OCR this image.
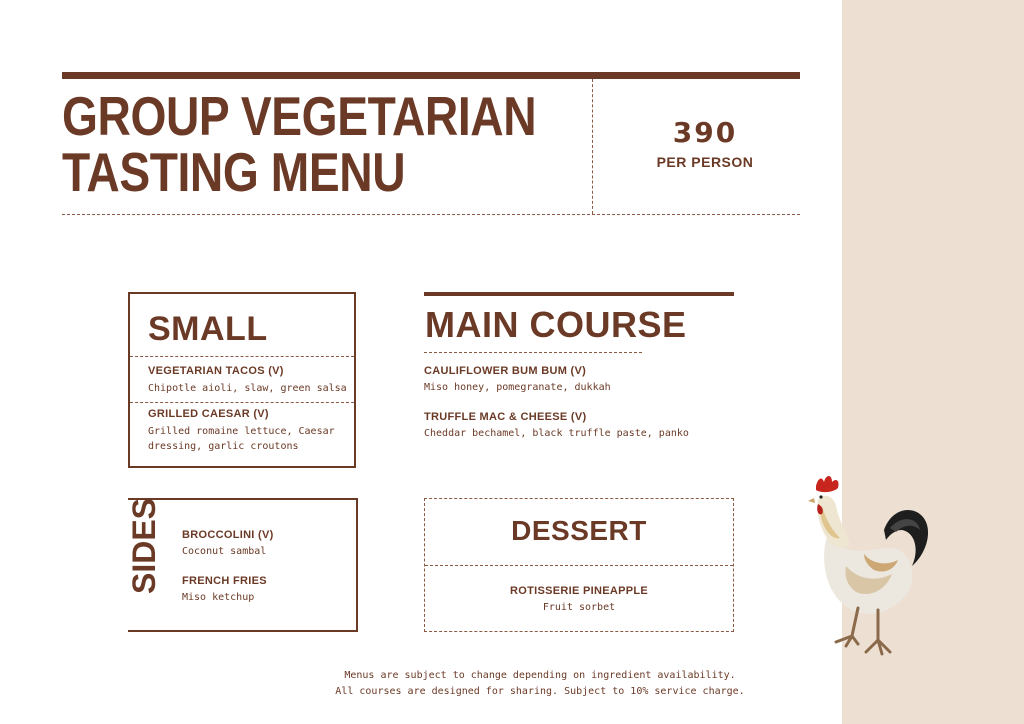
GROUP VEGETARIAN
TASTING MENU
390
PER PERSON
SMALL
VEGETARIAN TACOS (V)
Chipotle aioli, slaw, green salsa
GRILLED CAESAR (V)
Grilled romaine lettuce, Caesar
dressing, garlic croutons
MAIN COURSE
CAULIFLOWER BUM BUM (V)
Miso honey, pomegranate, dukkah
TRUFFLE MAC & CHEESE (V)
Cheddar bechamel, black truffle paste, panko
SIDES BROCCOLINI (V)
Coconut sambal
FRENCH FRIES
Miso ketchup
DESSERT
ROTISSERIE PINEAPPLE
Fruit sorbet
Menus are subject to change depending on ingredient availability.
All courses are designed for sharing. Subject to 10% service charge.
